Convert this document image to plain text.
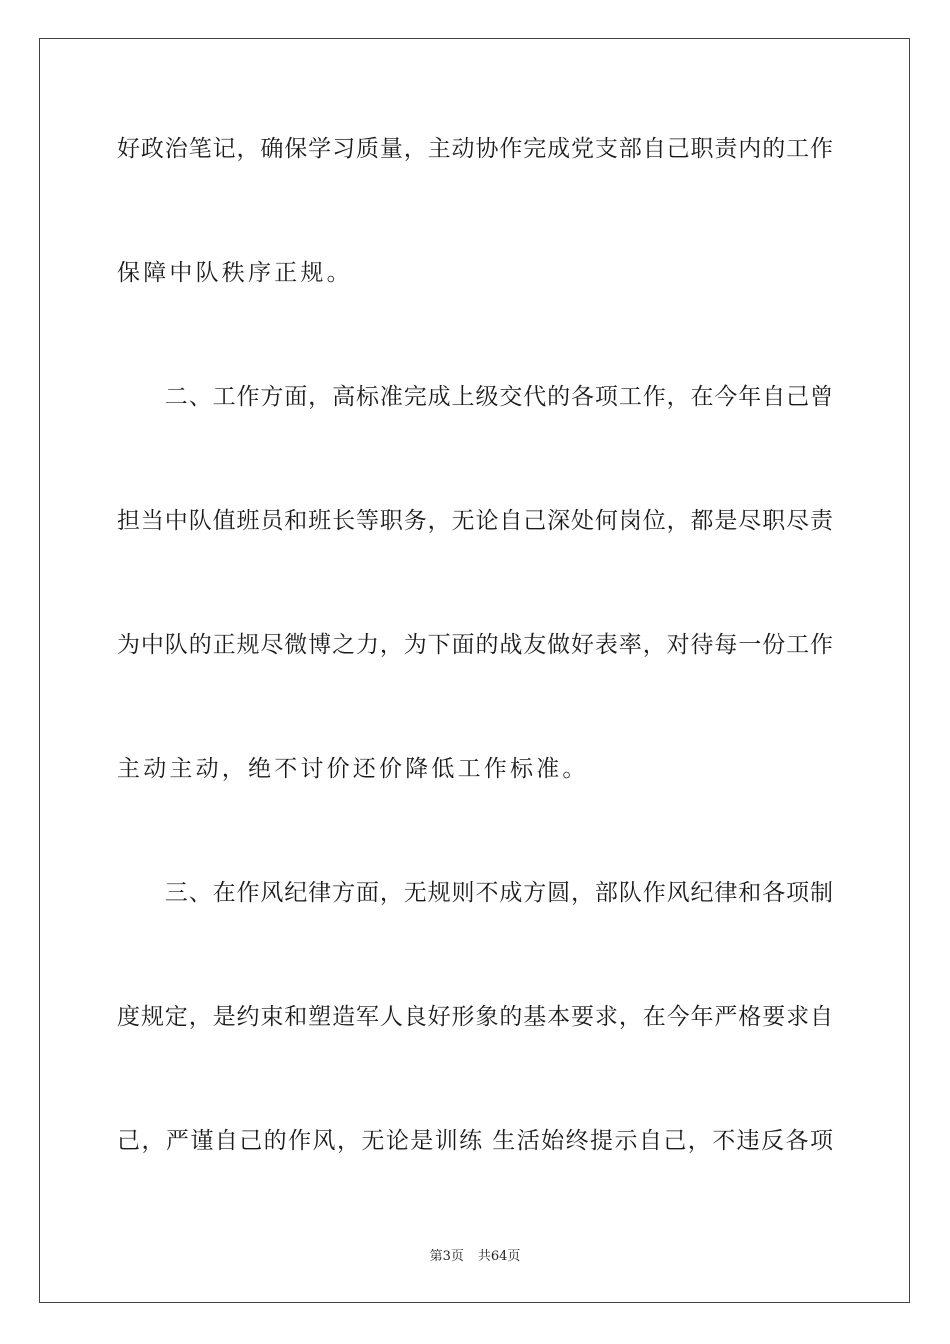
好政治笔记，确保学习质量，主动协作完成党支部自己职责内的工作
保障中队秩序正规。
　　二、工作方面，高标准完成上级交代的各项工作，在今年自己曾
担当中队值班员和班长等职务，无论自己深处何岗位，都是尽职尽责
为中队的正规尽微博之力，为下面的战友做好表率，对待每一份工作
主动主动，绝不讨价还价降低工作标准。
　　三、在作风纪律方面，无规则不成方圆，部队作风纪律和各项制
度规定，是约束和塑造军人良好形象的基本要求，在今年严格要求自
己，严谨自己的作风，无论是训练 生活始终提示自己，不违反各项
第3页 共64页
